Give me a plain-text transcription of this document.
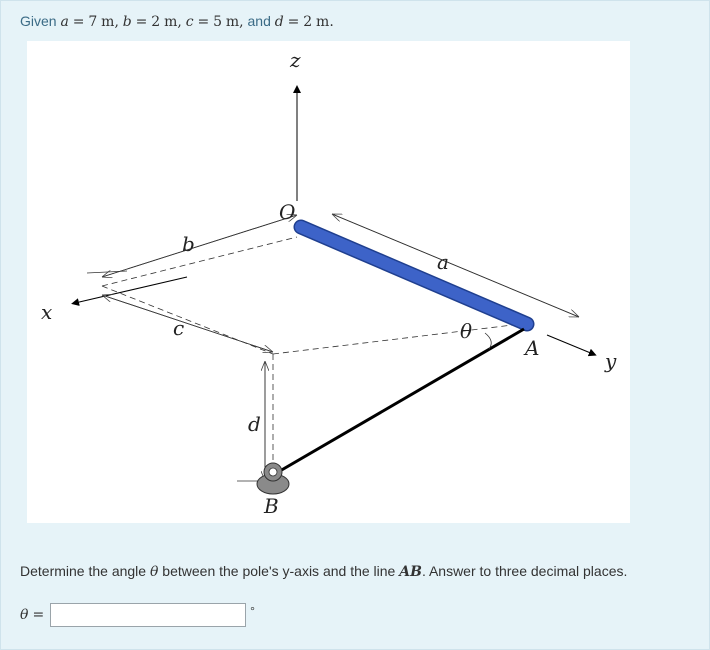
Given a = 7 m, b = 2 m, c = 5 m, and d = 2 m.
z
x
y
O
a
b
c
d
θ
A
B
Determine the angle θ between the pole's y-axis and the line AB. Answer to three decimal places.
θ =	°
